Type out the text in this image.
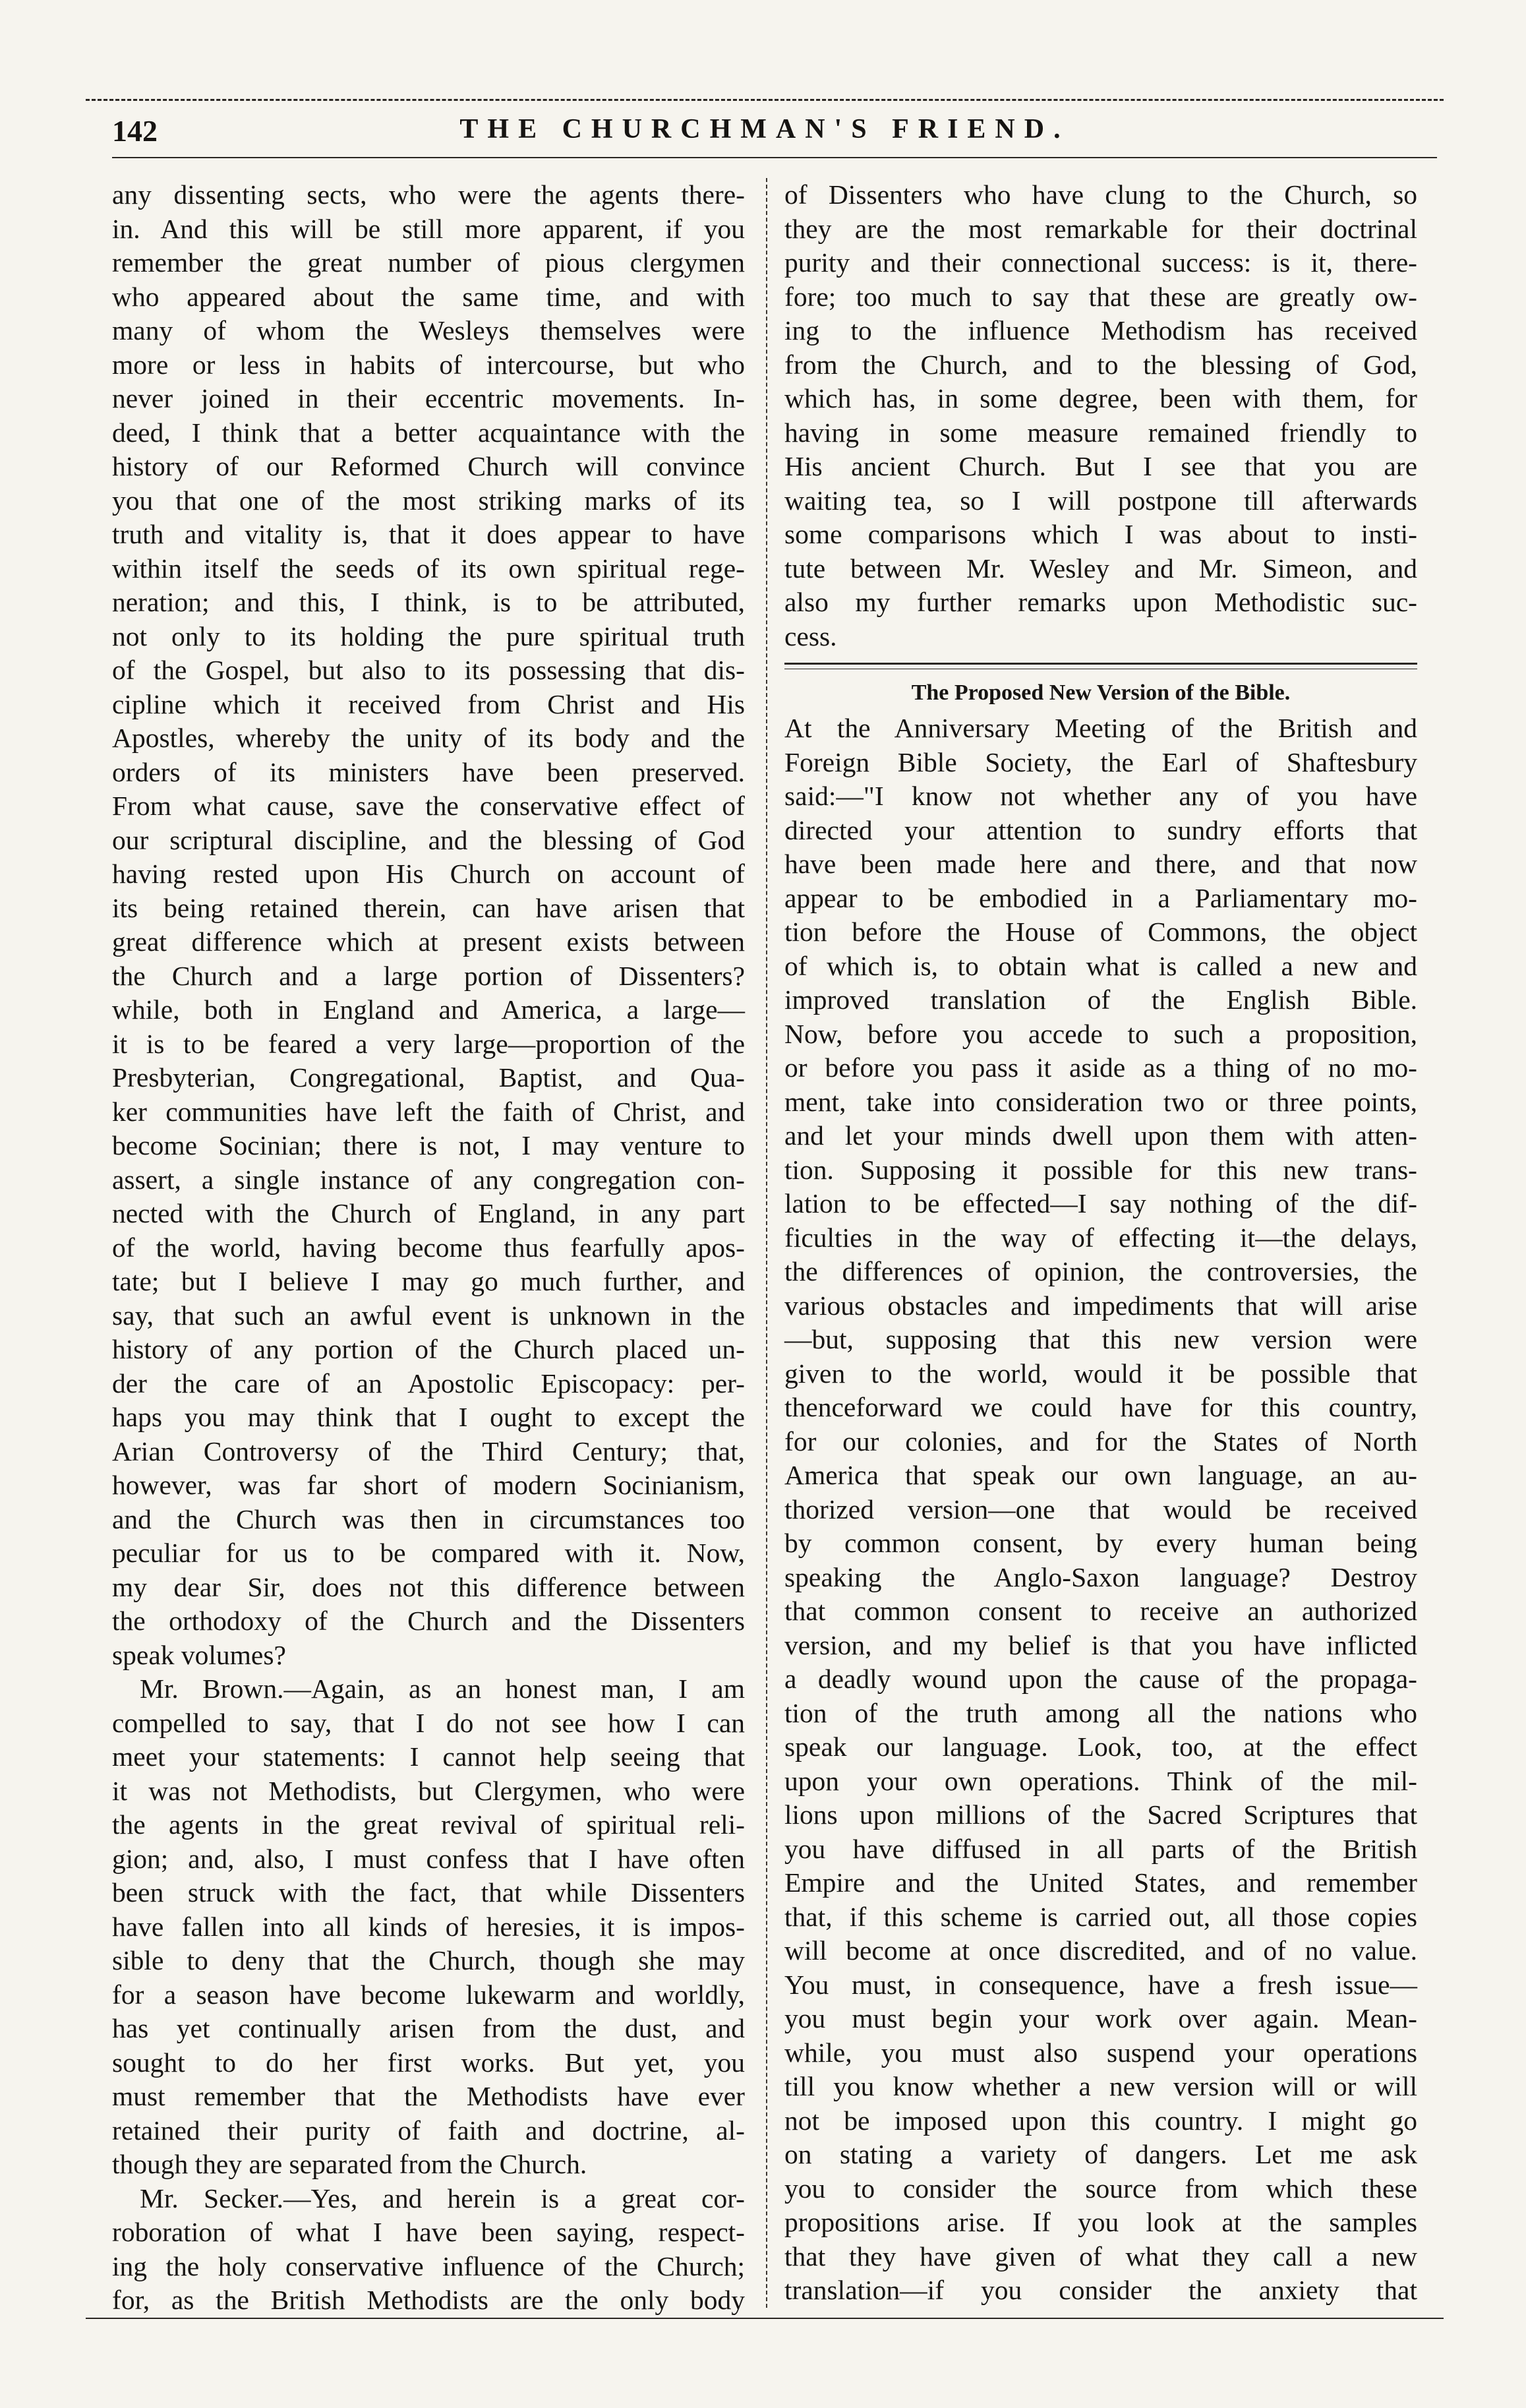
142	THE CHURCHMAN'S FRIEND.
any dissenting sects, who were the agents there-
in. And this will be still more apparent, if you
remember the great number of pious clergymen
who appeared about the same time, and with
many of whom the Wesleys themselves were
more or less in habits of intercourse, but who
never joined in their eccentric movements. In-
deed, I think that a better acquaintance with the
history of our Reformed Church will convince
you that one of the most striking marks of its
truth and vitality is, that it does appear to have
within itself the seeds of its own spiritual rege-
neration; and this, I think, is to be attributed,
not only to its holding the pure spiritual truth
of the Gospel, but also to its possessing that dis-
cipline which it received from Christ and His
Apostles, whereby the unity of its body and the
orders of its ministers have been preserved.
From what cause, save the conservative effect of
our scriptural discipline, and the blessing of God
having rested upon His Church on account of
its being retained therein, can have arisen that
great difference which at present exists between
the Church and a large portion of Dissenters?
while, both in England and America, a large—
it is to be feared a very large—proportion of the
Presbyterian, Congregational, Baptist, and Qua-
ker communities have left the faith of Christ, and
become Socinian; there is not, I may venture to
assert, a single instance of any congregation con-
nected with the Church of England, in any part
of the world, having become thus fearfully apos-
tate; but I believe I may go much further, and
say, that such an awful event is unknown in the
history of any portion of the Church placed un-
der the care of an Apostolic Episcopacy: per-
haps you may think that I ought to except the
Arian Controversy of the Third Century; that,
however, was far short of modern Socinianism,
and the Church was then in circumstances too
peculiar for us to be compared with it. Now,
my dear Sir, does not this difference between
the orthodoxy of the Church and the Dissenters
speak volumes?
Mr. Brown.—Again, as an honest man, I am
compelled to say, that I do not see how I can
meet your statements: I cannot help seeing that
it was not Methodists, but Clergymen, who were
the agents in the great revival of spiritual reli-
gion; and, also, I must confess that I have often
been struck with the fact, that while Dissenters
have fallen into all kinds of heresies, it is impos-
sible to deny that the Church, though she may
for a season have become lukewarm and worldly,
has yet continually arisen from the dust, and
sought to do her first works. But yet, you
must remember that the Methodists have ever
retained their purity of faith and doctrine, al-
though they are separated from the Church.
Mr. Secker.—Yes, and herein is a great cor-
roboration of what I have been saying, respect-
ing the holy conservative influence of the Church;
for, as the British Methodists are the only body
of Dissenters who have clung to the Church, so
they are the most remarkable for their doctrinal
purity and their connectional success: is it, there-
fore; too much to say that these are greatly ow-
ing to the influence Methodism has received
from the Church, and to the blessing of God,
which has, in some degree, been with them, for
having in some measure remained friendly to
His ancient Church. But I see that you are
waiting tea, so I will postpone till afterwards
some comparisons which I was about to insti-
tute between Mr. Wesley and Mr. Simeon, and
also my further remarks upon Methodistic suc-
cess.
The Proposed New Version of the Bible.
At the Anniversary Meeting of the British and
Foreign Bible Society, the Earl of Shaftesbury
said:—"I know not whether any of you have
directed your attention to sundry efforts that
have been made here and there, and that now
appear to be embodied in a Parliamentary mo-
tion before the House of Commons, the object
of which is, to obtain what is called a new and
improved translation of the English Bible.
Now, before you accede to such a proposition,
or before you pass it aside as a thing of no mo-
ment, take into consideration two or three points,
and let your minds dwell upon them with atten-
tion. Supposing it possible for this new trans-
lation to be effected—I say nothing of the dif-
ficulties in the way of effecting it—the delays,
the differences of opinion, the controversies, the
various obstacles and impediments that will arise
—but, supposing that this new version were
given to the world, would it be possible that
thenceforward we could have for this country,
for our colonies, and for the States of North
America that speak our own language, an au-
thorized version—one that would be received
by common consent, by every human being
speaking the Anglo-Saxon language? Destroy
that common consent to receive an authorized
version, and my belief is that you have inflicted
a deadly wound upon the cause of the propaga-
tion of the truth among all the nations who
speak our language. Look, too, at the effect
upon your own operations. Think of the mil-
lions upon millions of the Sacred Scriptures that
you have diffused in all parts of the British
Empire and the United States, and remember
that, if this scheme is carried out, all those copies
will become at once discredited, and of no value.
You must, in consequence, have a fresh issue—
you must begin your work over again. Mean-
while, you must also suspend your operations
till you know whether a new version will or will
not be imposed upon this country. I might go
on stating a variety of dangers. Let me ask
you to consider the source from which these
propositions arise. If you look at the samples
that they have given of what they call a new
translation—if you consider the anxiety that
